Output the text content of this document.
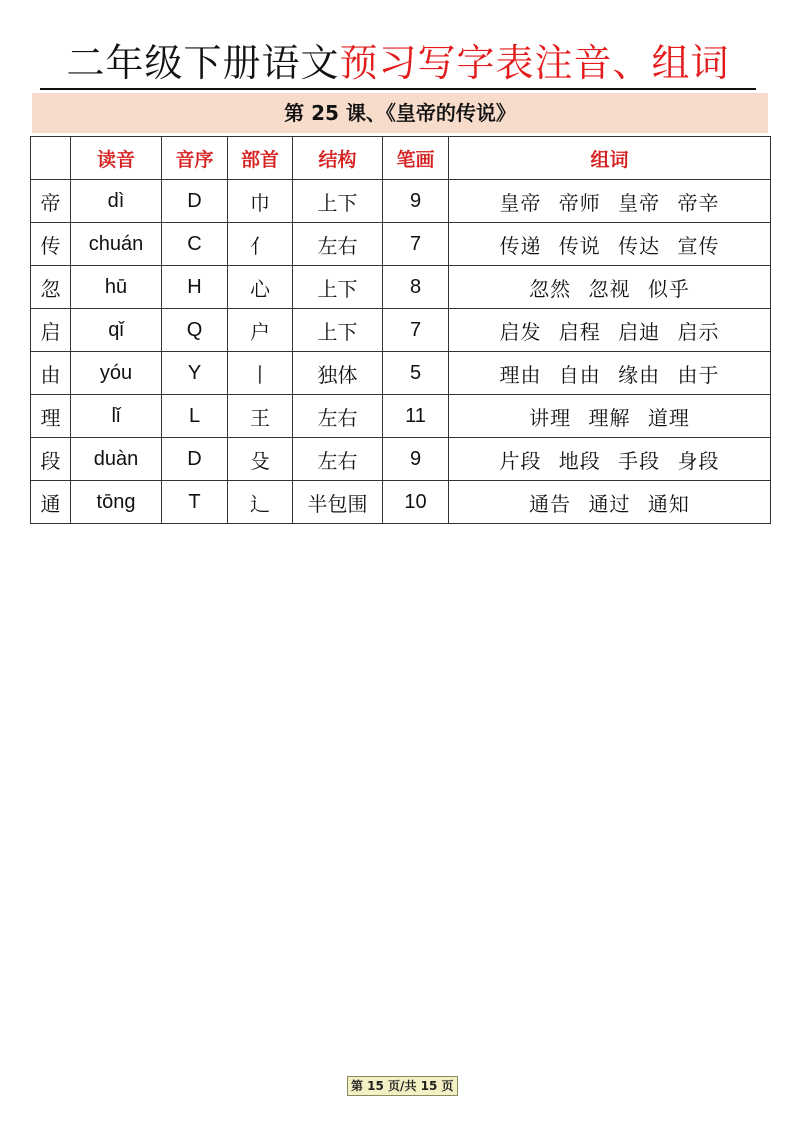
二年级下册语文预习写字表注音、组词
第 25 课、《皇帝的传说》
	读音	音序	部首	结构	笔画	组词
帝	dì	D	巾	上下	9	皇帝 帝师 皇帝 帝辛
传	chuán	C	亻	左右	7	传递 传说 传达 宣传
忽	hū	H	心	上下	8	忽然 忽视 似乎
启	qǐ	Q	户	上下	7	启发 启程 启迪 启示
由	yóu	Y	丨	独体	5	理由 自由 缘由 由于
理	lǐ	L	王	左右	11	讲理 理解 道理
段	duàn	D	殳	左右	9	片段 地段 手段 身段
通	tōng	T	辶	半包围	10	通告 通过 通知
第 15 页/共 15 页
